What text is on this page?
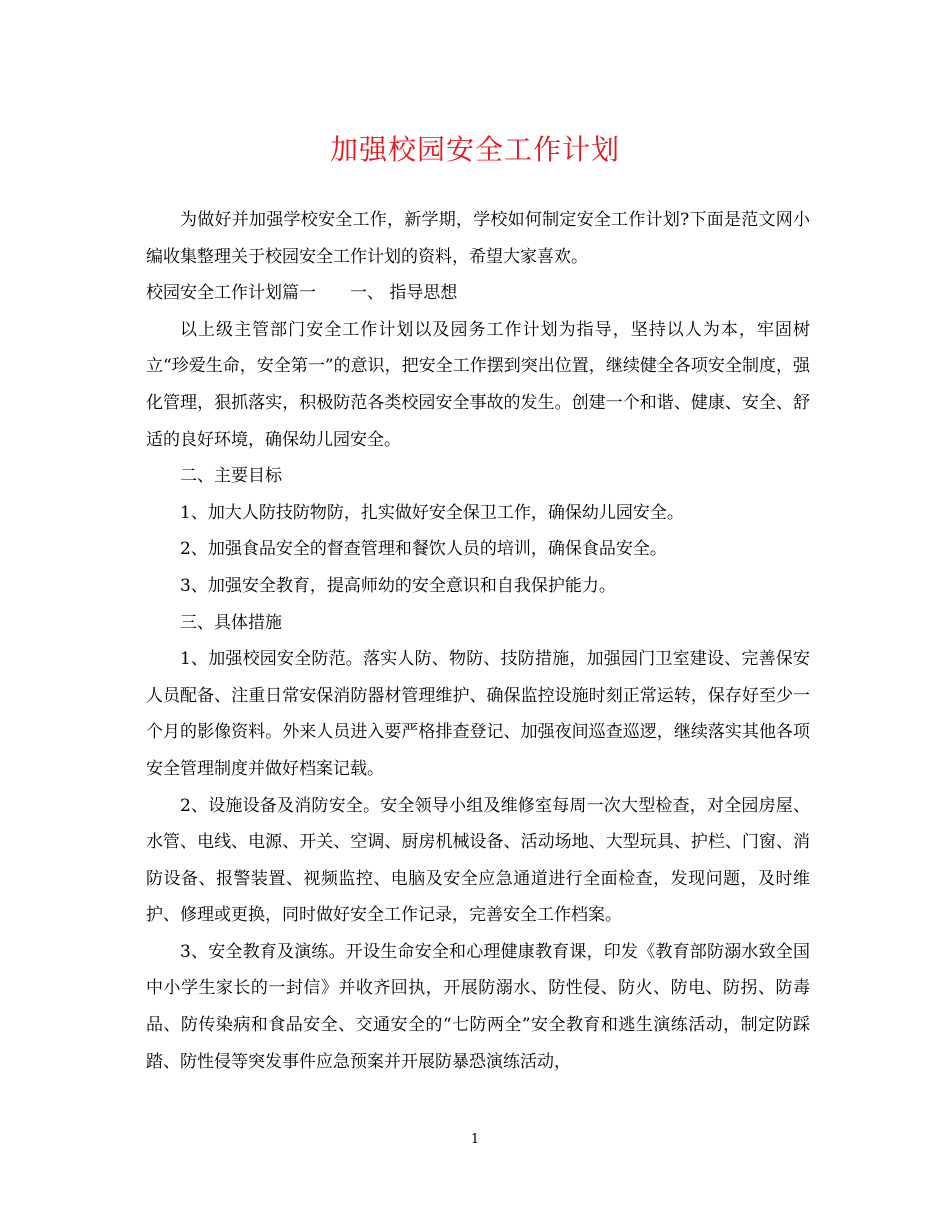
加强校园安全工作计划

为做好并加强学校安全工作，新学期，学校如何制定安全工作计划?下面是范文网小编收集整理关于校园安全工作计划的资料，希望大家喜欢。

校园安全工作计划篇一　　一、 指导思想

以上级主管部门安全工作计划以及园务工作计划为指导，坚持以人为本，牢固树立“珍爱生命，安全第一”的意识，把安全工作摆到突出位置，继续健全各项安全制度，强化管理，狠抓落实，积极防范各类校园安全事故的发生。创建一个和谐、健康、安全、舒适的良好环境，确保幼儿园安全。

二、主要目标

1、加大人防技防物防，扎实做好安全保卫工作，确保幼儿园安全。

2、加强食品安全的督查管理和餐饮人员的培训，确保食品安全。

3、加强安全教育，提高师幼的安全意识和自我保护能力。

三、具体措施

1、加强校园安全防范。落实人防、物防、技防措施，加强园门卫室建设、完善保安人员配备、注重日常安保消防器材管理维护、确保监控设施时刻正常运转，保存好至少一个月的影像资料。外来人员进入要严格排查登记、加强夜间巡查巡逻，继续落实其他各项安全管理制度并做好档案记载。

2、设施设备及消防安全。安全领导小组及维修室每周一次大型检查，对全园房屋、水管、电线、电源、开关、空调、厨房机械设备、活动场地、大型玩具、护栏、门窗、消防设备、报警装置、视频监控、电脑及安全应急通道进行全面检查，发现问题，及时维护、修理或更换，同时做好安全工作记录，完善安全工作档案。

3、安全教育及演练。开设生命安全和心理健康教育课，印发《教育部防溺水致全国中小学生家长的一封信》并收齐回执，开展防溺水、防性侵、防火、防电、防拐、防毒品、防传染病和食品安全、交通安全的“七防两全”安全教育和逃生演练活动，制定防踩踏、防性侵等突发事件应急预案并开展防暴恐演练活动，

1
